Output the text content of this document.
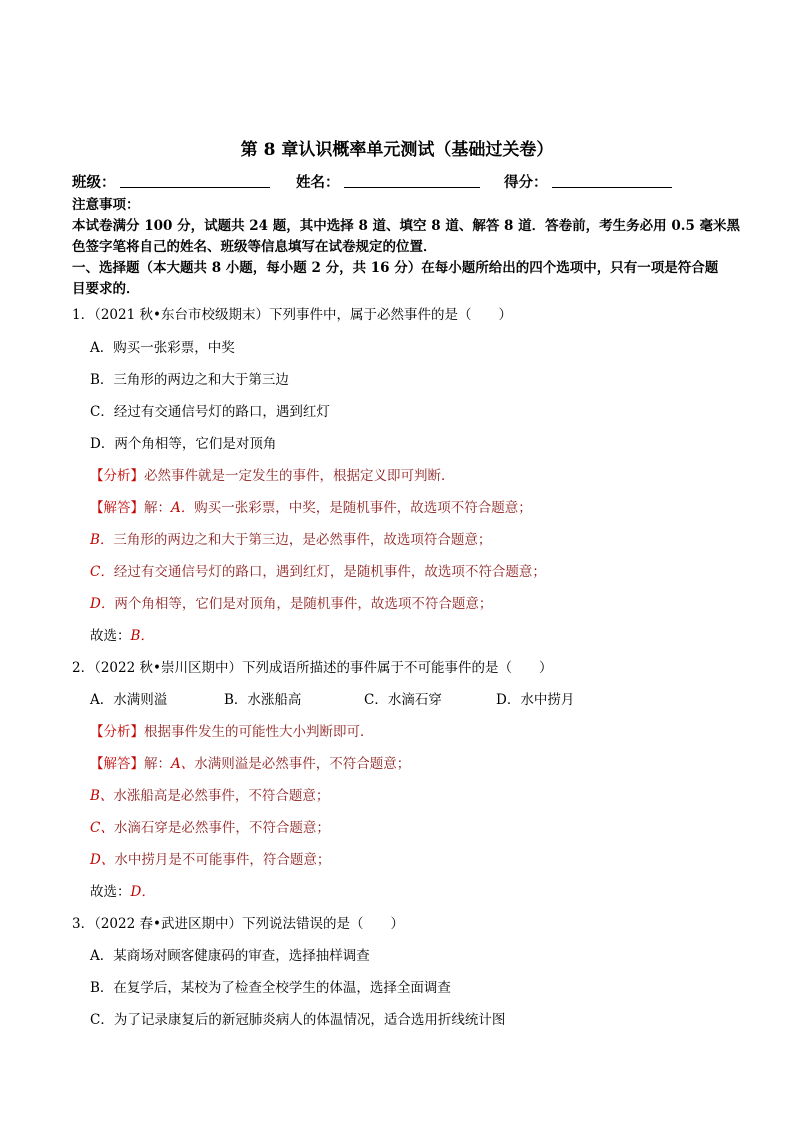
第 8 章认识概率单元测试（基础过关卷）
班级：	姓名：	得分：
注意事项：
本试卷满分 100 分，试题共 24 题，其中选择 8 道、填空 8 道、解答 8 道．答卷前，考生务必用 0.5 毫米黑
色签字笔将自己的姓名、班级等信息填写在试卷规定的位置．
一、选择题（本大题共 8 小题，每小题 2 分，共 16 分）在每小题所给出的四个选项中，只有一项是符合题
目要求的．
1．（2021 秋•东台市校级期末）下列事件中，属于必然事件的是（　　）
A．购买一张彩票，中奖
B．三角形的两边之和大于第三边
C．经过有交通信号灯的路口，遇到红灯
D．两个角相等，它们是对顶角
【分析】必然事件就是一定发生的事件，根据定义即可判断．
【解答】解：A．购买一张彩票，中奖，是随机事件，故选项不符合题意；
B．三角形的两边之和大于第三边，是必然事件，故选项符合题意；
C．经过有交通信号灯的路口，遇到红灯，是随机事件，故选项不符合题意；
D．两个角相等，它们是对顶角，是随机事件，故选项不符合题意；
故选：B．
2．（2022 秋•崇川区期中）下列成语所描述的事件属于不可能事件的是（　　）
A．水满则溢	B．水涨船高	C．水滴石穿	D．水中捞月
【分析】根据事件发生的可能性大小判断即可．
【解答】解：A、水满则溢是必然事件，不符合题意；
B、水涨船高是必然事件，不符合题意；
C、水滴石穿是必然事件，不符合题意；
D、水中捞月是不可能事件，符合题意；
故选：D．
3．（2022 春•武进区期中）下列说法错误的是（　　）
A．某商场对顾客健康码的审查，选择抽样调查
B．在复学后，某校为了检查全校学生的体温，选择全面调查
C．为了记录康复后的新冠肺炎病人的体温情况，适合选用折线统计图
